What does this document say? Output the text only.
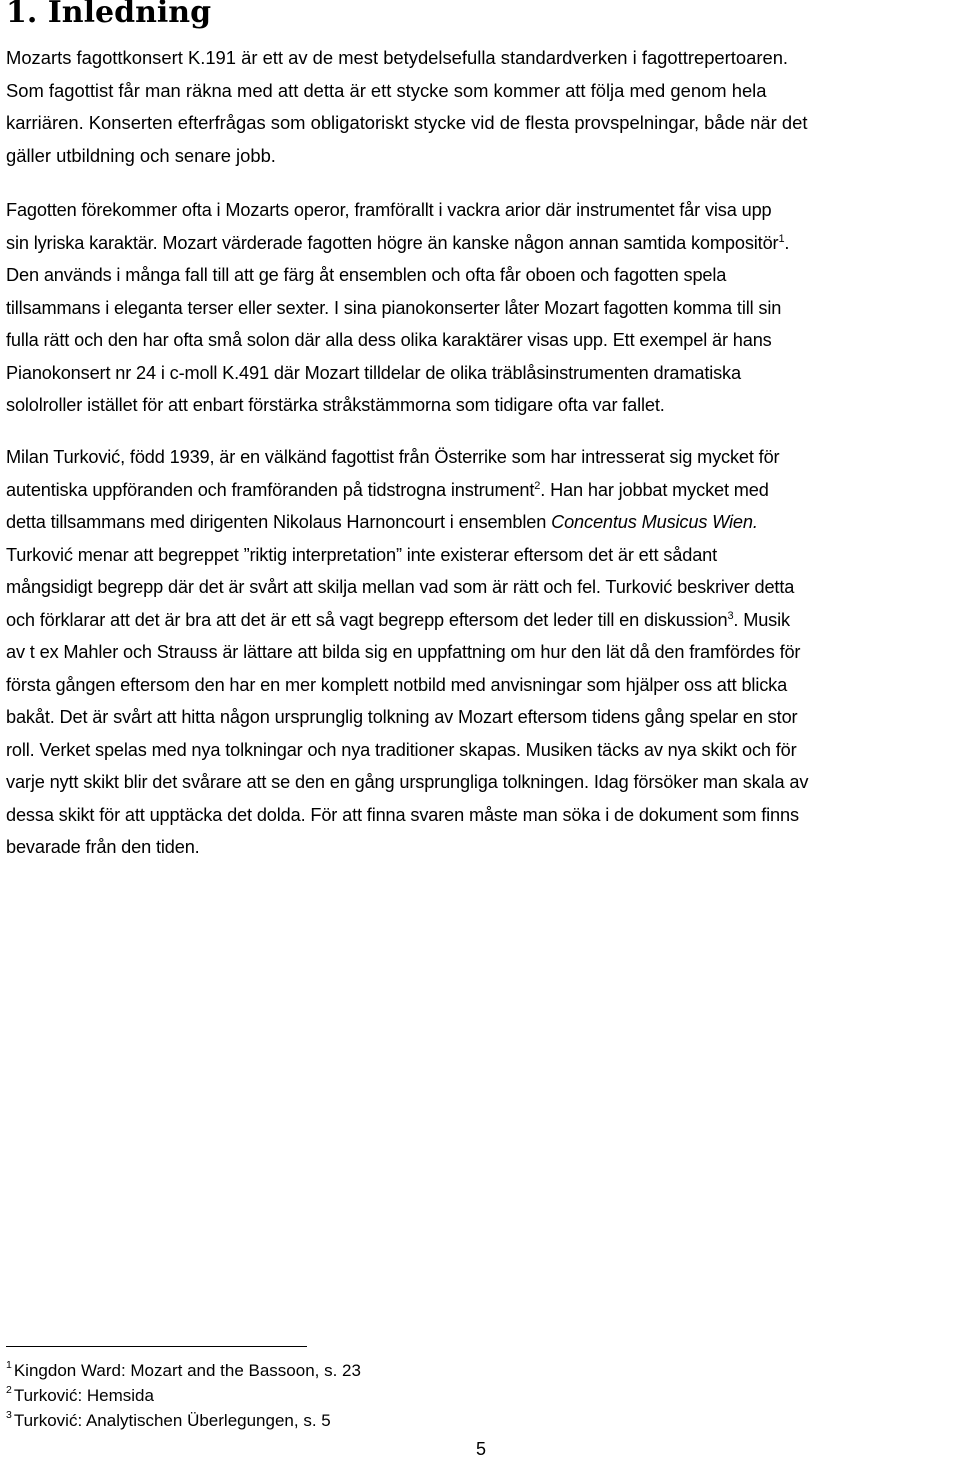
1. Inledning
Mozarts fagottkonsert K.191 är ett av de mest betydelsefulla standardverken i fagottrepertoaren.
Som fagottist får man räkna med att detta är ett stycke som kommer att följa med genom hela
karriären. Konserten efterfrågas som obligatoriskt stycke vid de flesta provspelningar, både när det
gäller utbildning och senare jobb.
Fagotten förekommer ofta i Mozarts operor, framförallt i vackra arior där instrumentet får visa upp
sin lyriska karaktär. Mozart värderade fagotten högre än kanske någon annan samtida kompositör$^1$.
Den används i många fall till att ge färg åt ensemblen och ofta får oboen och fagotten spela
tillsammans i eleganta terser eller sexter. I sina pianokonserter låter Mozart fagotten komma till sin
fulla rätt och den har ofta små solon där alla dess olika karaktärer visas upp. Ett exempel är hans
Pianokonsert nr 24 i c-moll K.491 där Mozart tilldelar de olika träblåsinstrumenten dramatiska
sololroller istället för att enbart förstärka stråkstämmorna som tidigare ofta var fallet.
Milan Turković, född 1939, är en välkänd fagottist från Österrike som har intresserat sig mycket för
autentiska uppföranden och framföranden på tidstrogna instrument$^2$. Han har jobbat mycket med
detta tillsammans med dirigenten Nikolaus Harnoncourt i ensemblen Concentus Musicus Wien.
Turković menar att begreppet ”riktig interpretation” inte existerar eftersom det är ett sådant
mångsidigt begrepp där det är svårt att skilja mellan vad som är rätt och fel. Turković beskriver detta
och förklarar att det är bra att det är ett så vagt begrepp eftersom det leder till en diskussion$^3$. Musik
av t ex Mahler och Strauss är lättare att bilda sig en uppfattning om hur den lät då den framfördes för
första gången eftersom den har en mer komplett notbild med anvisningar som hjälper oss att blicka
bakåt. Det är svårt att hitta någon ursprunglig tolkning av Mozart eftersom tidens gång spelar en stor
roll. Verket spelas med nya tolkningar och nya traditioner skapas. Musiken täcks av nya skikt och för
varje nytt skikt blir det svårare att se den en gång ursprungliga tolkningen. Idag försöker man skala av
dessa skikt för att upptäcka det dolda. För att finna svaren måste man söka i de dokument som finns
bevarade från den tiden.
$^1$ Kingdon Ward: Mozart and the Bassoon, s. 23
$^2$ Turković: Hemsida
$^3$ Turković: Analytischen Überlegungen, s. 5
5
